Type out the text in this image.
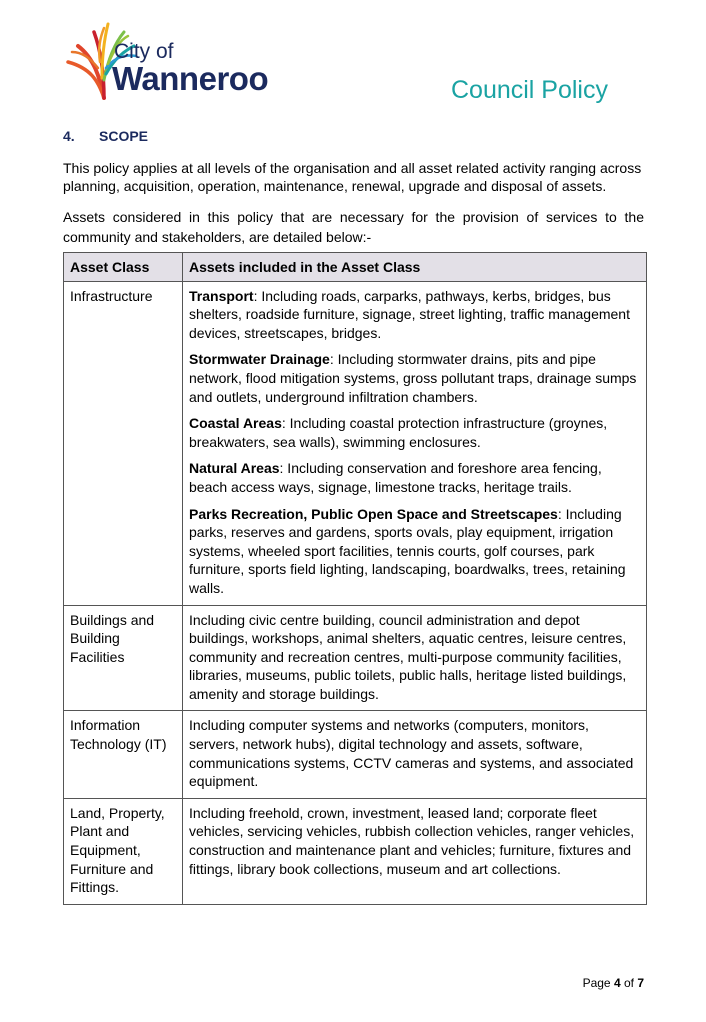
City of
Wanneroo	Council Policy
4. SCOPE
This policy applies at all levels of the organisation and all asset related activity ranging across planning, acquisition, operation, maintenance, renewal, upgrade and disposal of assets.
Assets considered in this policy that are necessary for the provision of services to the community and stakeholders, are detailed below:-
Asset Class	Assets included in the Asset Class
Infrastructure	Transport: Including roads, carparks, pathways, kerbs, bridges, bus shelters, roadside furniture, signage, street lighting, traffic management devices, streetscapes, bridges.

Stormwater Drainage: Including stormwater drains, pits and pipe network, flood mitigation systems, gross pollutant traps, drainage sumps and outlets, underground infiltration chambers.

Coastal Areas: Including coastal protection infrastructure (groynes, breakwaters, sea walls), swimming enclosures.

Natural Areas: Including conservation and foreshore area fencing, beach access ways, signage, limestone tracks, heritage trails.

Parks Recreation, Public Open Space and Streetscapes: Including parks, reserves and gardens, sports ovals, play equipment, irrigation systems, wheeled sport facilities, tennis courts, golf courses, park furniture, sports field lighting, landscaping, boardwalks, trees, retaining walls.

Buildings and Building Facilities	Including civic centre building, council administration and depot buildings, workshops, animal shelters, aquatic centres, leisure centres, community and recreation centres, multi-purpose community facilities, libraries, museums, public toilets, public halls, heritage listed buildings, amenity and storage buildings.

Information Technology (IT)	Including computer systems and networks (computers, monitors, servers, network hubs), digital technology and assets, software, communications systems, CCTV cameras and systems, and associated equipment.

Land, Property, Plant and Equipment, Furniture and Fittings.	Including freehold, crown, investment, leased land; corporate fleet vehicles, servicing vehicles, rubbish collection vehicles, ranger vehicles, construction and maintenance plant and vehicles; furniture, fixtures and fittings, library book collections, museum and art collections.

Page 4 of 7
